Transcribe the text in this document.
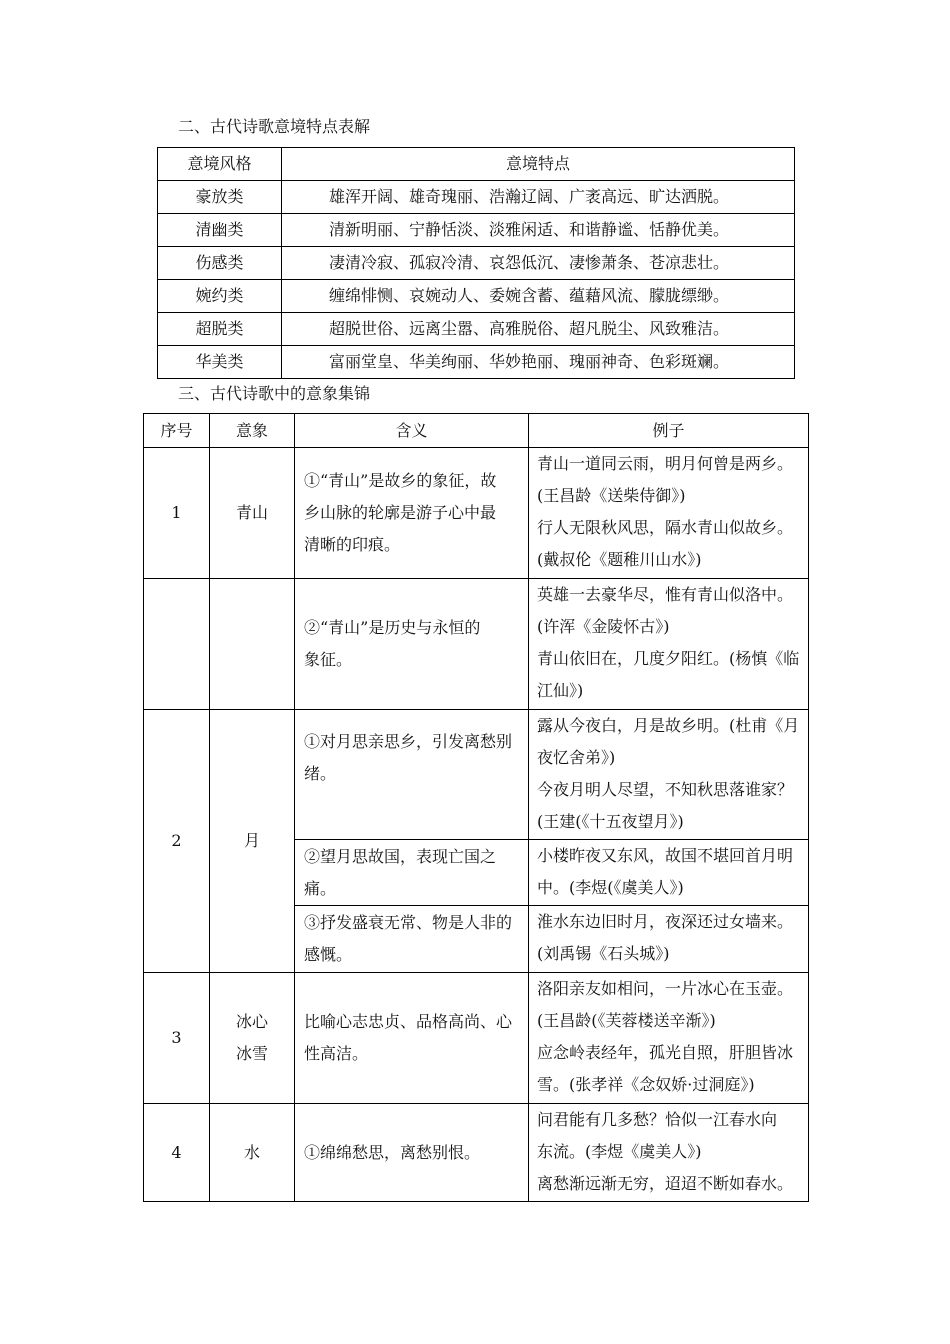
二、古代诗歌意境特点表解
意境风格	意境特点
豪放类	雄浑开阔、雄奇瑰丽、浩瀚辽阔、广袤高远、旷达洒脱。
清幽类	清新明丽、宁静恬淡、淡雅闲适、和谐静谧、恬静优美。
伤感类	凄清冷寂、孤寂冷清、哀怨低沉、凄惨萧条、苍凉悲壮。
婉约类	缠绵悱恻、哀婉动人、委婉含蓄、蕴藉风流、朦胧缥缈。
超脱类	超脱世俗、远离尘嚣、高雅脱俗、超凡脱尘、风致雅洁。
华美类	富丽堂皇、华美绚丽、华妙艳丽、瑰丽神奇、色彩斑斓。
三、古代诗歌中的意象集锦
序号	意象	含义	例子
1	青山	①“青山”是故乡的象征，故
乡山脉的轮廓是游子心中最
清晰的印痕。	青山一道同云雨，明月何曾是两乡。
(王昌龄《送柴侍御》)
行人无限秋风思，隔水青山似故乡。
(戴叔伦《题稚川山水》)

		②“青山”是历史与永恒的
象征。	英雄一去豪华尽，惟有青山似洛中。
(许浑《金陵怀古》)
青山依旧在，几度夕阳红。(杨慎《临
江仙》)

2	月	①对月思亲思乡，引发离愁别
绪。	露从今夜白，月是故乡明。(杜甫《月
夜忆舍弟》)
今夜月明人尽望，不知秋思落谁家？
(王建(《十五夜望月》)

		②望月思故国，表现亡国之
痛。	小楼昨夜又东风，故国不堪回首月明
中。(李煜(《虞美人》)

		③抒发盛衰无常、物是人非的
感慨。	淮水东边旧时月，夜深还过女墙来。
(刘禹锡《石头城》)

3	冰心
冰雪	比喻心志忠贞、品格高尚、心
性高洁。	洛阳亲友如相问，一片冰心在玉壶。
(王昌龄(《芙蓉楼送辛渐》)
应念岭表经年，孤光自照，肝胆皆冰
雪。(张孝祥《念奴娇·过洞庭》)

4	水	①绵绵愁思，离愁别恨。	问君能有几多愁？恰似一江春水向
东流。(李煜《虞美人》)
离愁渐远渐无穷，迢迢不断如春水。
